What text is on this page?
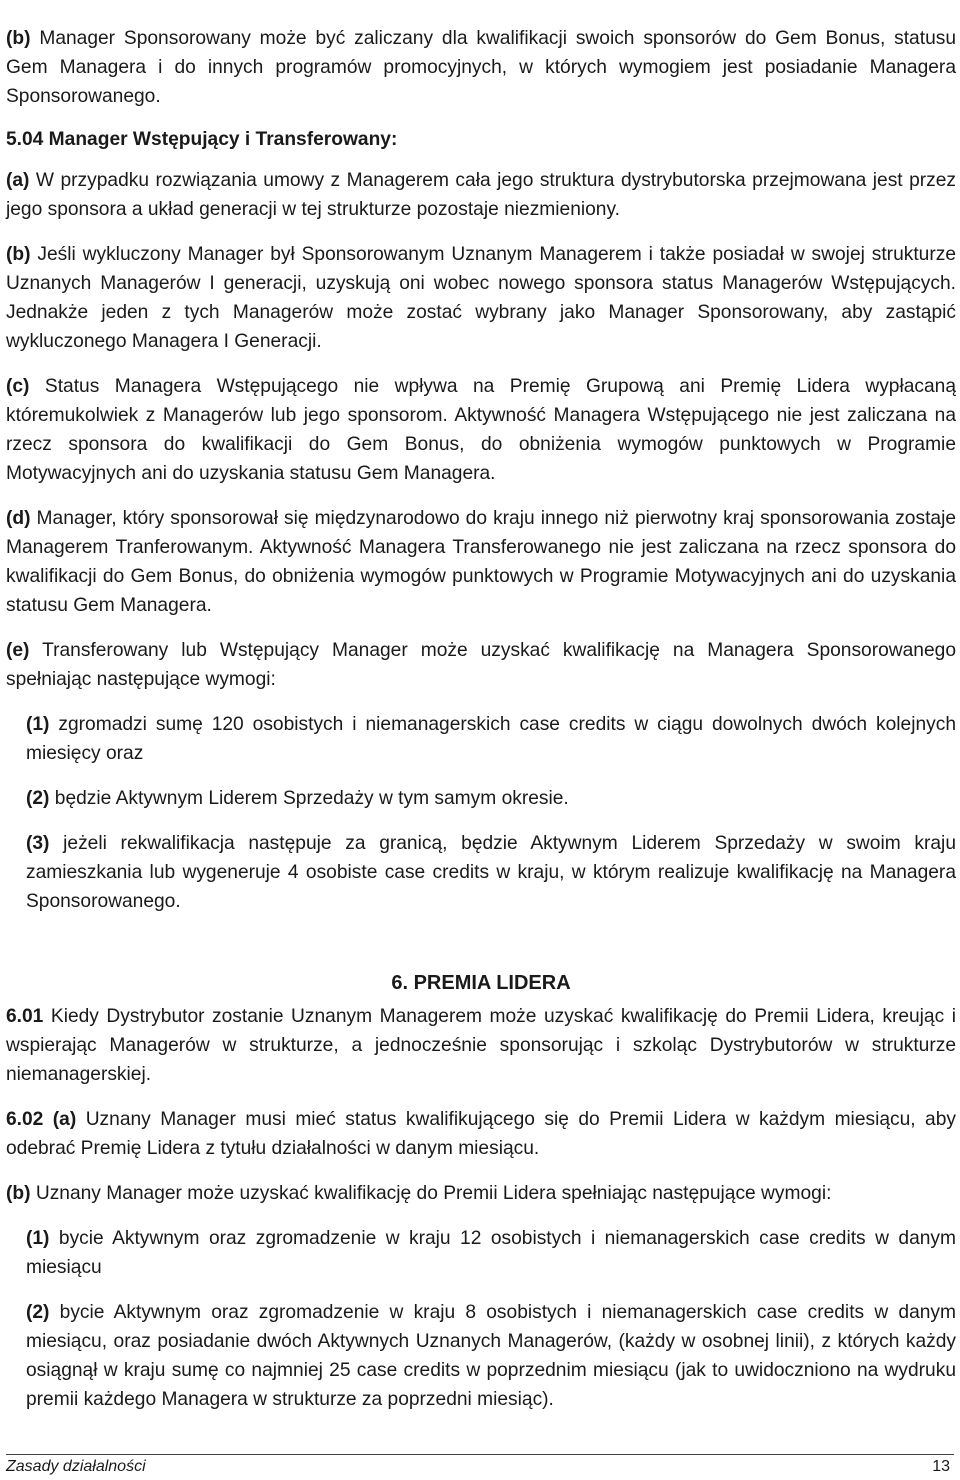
(b) Manager Sponsorowany może być zaliczany dla kwalifikacji swoich sponsorów do Gem Bonus, statusu Gem Managera i do innych programów promocyjnych, w których wymogiem jest posiadanie Managera Sponsorowanego.

5.04 Manager Wstępujący i Transferowany:

(a) W przypadku rozwiązania umowy z Managerem cała jego struktura dystrybutorska przejmowana jest przez jego sponsora a układ generacji w tej strukturze pozostaje niezmieniony.

(b) Jeśli wykluczony Manager był Sponsorowanym Uznanym Managerem i także posiadał w swojej strukturze Uznanych Managerów I generacji, uzyskują oni wobec nowego sponsora status Managerów Wstępujących. Jednakże jeden z tych Managerów może zostać wybrany jako Manager Sponsorowany, aby zastąpić wykluczonego Managera I Generacji.

(c) Status Managera Wstępującego nie wpływa na Premię Grupową ani Premię Lidera wypłacaną któremukolwiek z Managerów lub jego sponsorom. Aktywność Managera Wstępującego nie jest zaliczana na rzecz sponsora do kwalifikacji do Gem Bonus, do obniżenia wymogów punktowych w Programie Motywacyjnych ani do uzyskania statusu Gem Managera.

(d) Manager, który sponsorował się międzynarodowo do kraju innego niż pierwotny kraj sponsorowania zostaje Managerem Tranferowanym. Aktywność Managera Transferowanego nie jest zaliczana na rzecz sponsora do kwalifikacji do Gem Bonus, do obniżenia wymogów punktowych w Programie Motywacyjnych ani do uzyskania statusu Gem Managera.

(e) Transferowany lub Wstępujący Manager może uzyskać kwalifikację na Managera Sponsorowanego spełniając następujące wymogi:

(1) zgromadzi sumę 120 osobistych i niemanagerskich case credits w ciągu dowolnych dwóch kolejnych miesięcy oraz

(2) będzie Aktywnym Liderem Sprzedaży w tym samym okresie.

(3) jeżeli rekwalifikacja następuje za granicą, będzie Aktywnym Liderem Sprzedaży w swoim kraju zamieszkania lub wygeneruje 4 osobiste case credits w kraju, w którym realizuje kwalifikację na Managera Sponsorowanego.

6. PREMIA LIDERA

6.01 Kiedy Dystrybutor zostanie Uznanym Managerem może uzyskać kwalifikację do Premii Lidera, kreując i wspierając Managerów w strukturze, a jednocześnie sponsorując i szkoląc Dystrybutorów w strukturze niemanagerskiej.

6.02 (a) Uznany Manager musi mieć status kwalifikującego się do Premii Lidera w każdym miesiącu, aby odebrać Premię Lidera z tytułu działalności w danym miesiącu.

(b) Uznany Manager może uzyskać kwalifikację do Premii Lidera spełniając następujące wymogi:

(1) bycie Aktywnym oraz zgromadzenie w kraju 12 osobistych i niemanagerskich case credits w danym miesiącu

(2) bycie Aktywnym oraz zgromadzenie w kraju 8 osobistych i niemanagerskich case credits w danym miesiącu, oraz posiadanie dwóch Aktywnych Uznanych Managerów, (każdy w osobnej linii), z których każdy osiągnął w kraju sumę co najmniej 25 case credits w poprzednim miesiącu (jak to uwidoczniono na wydruku premii każdego Managera w strukturze za poprzedni miesiąc).

Zasady działalności	13
